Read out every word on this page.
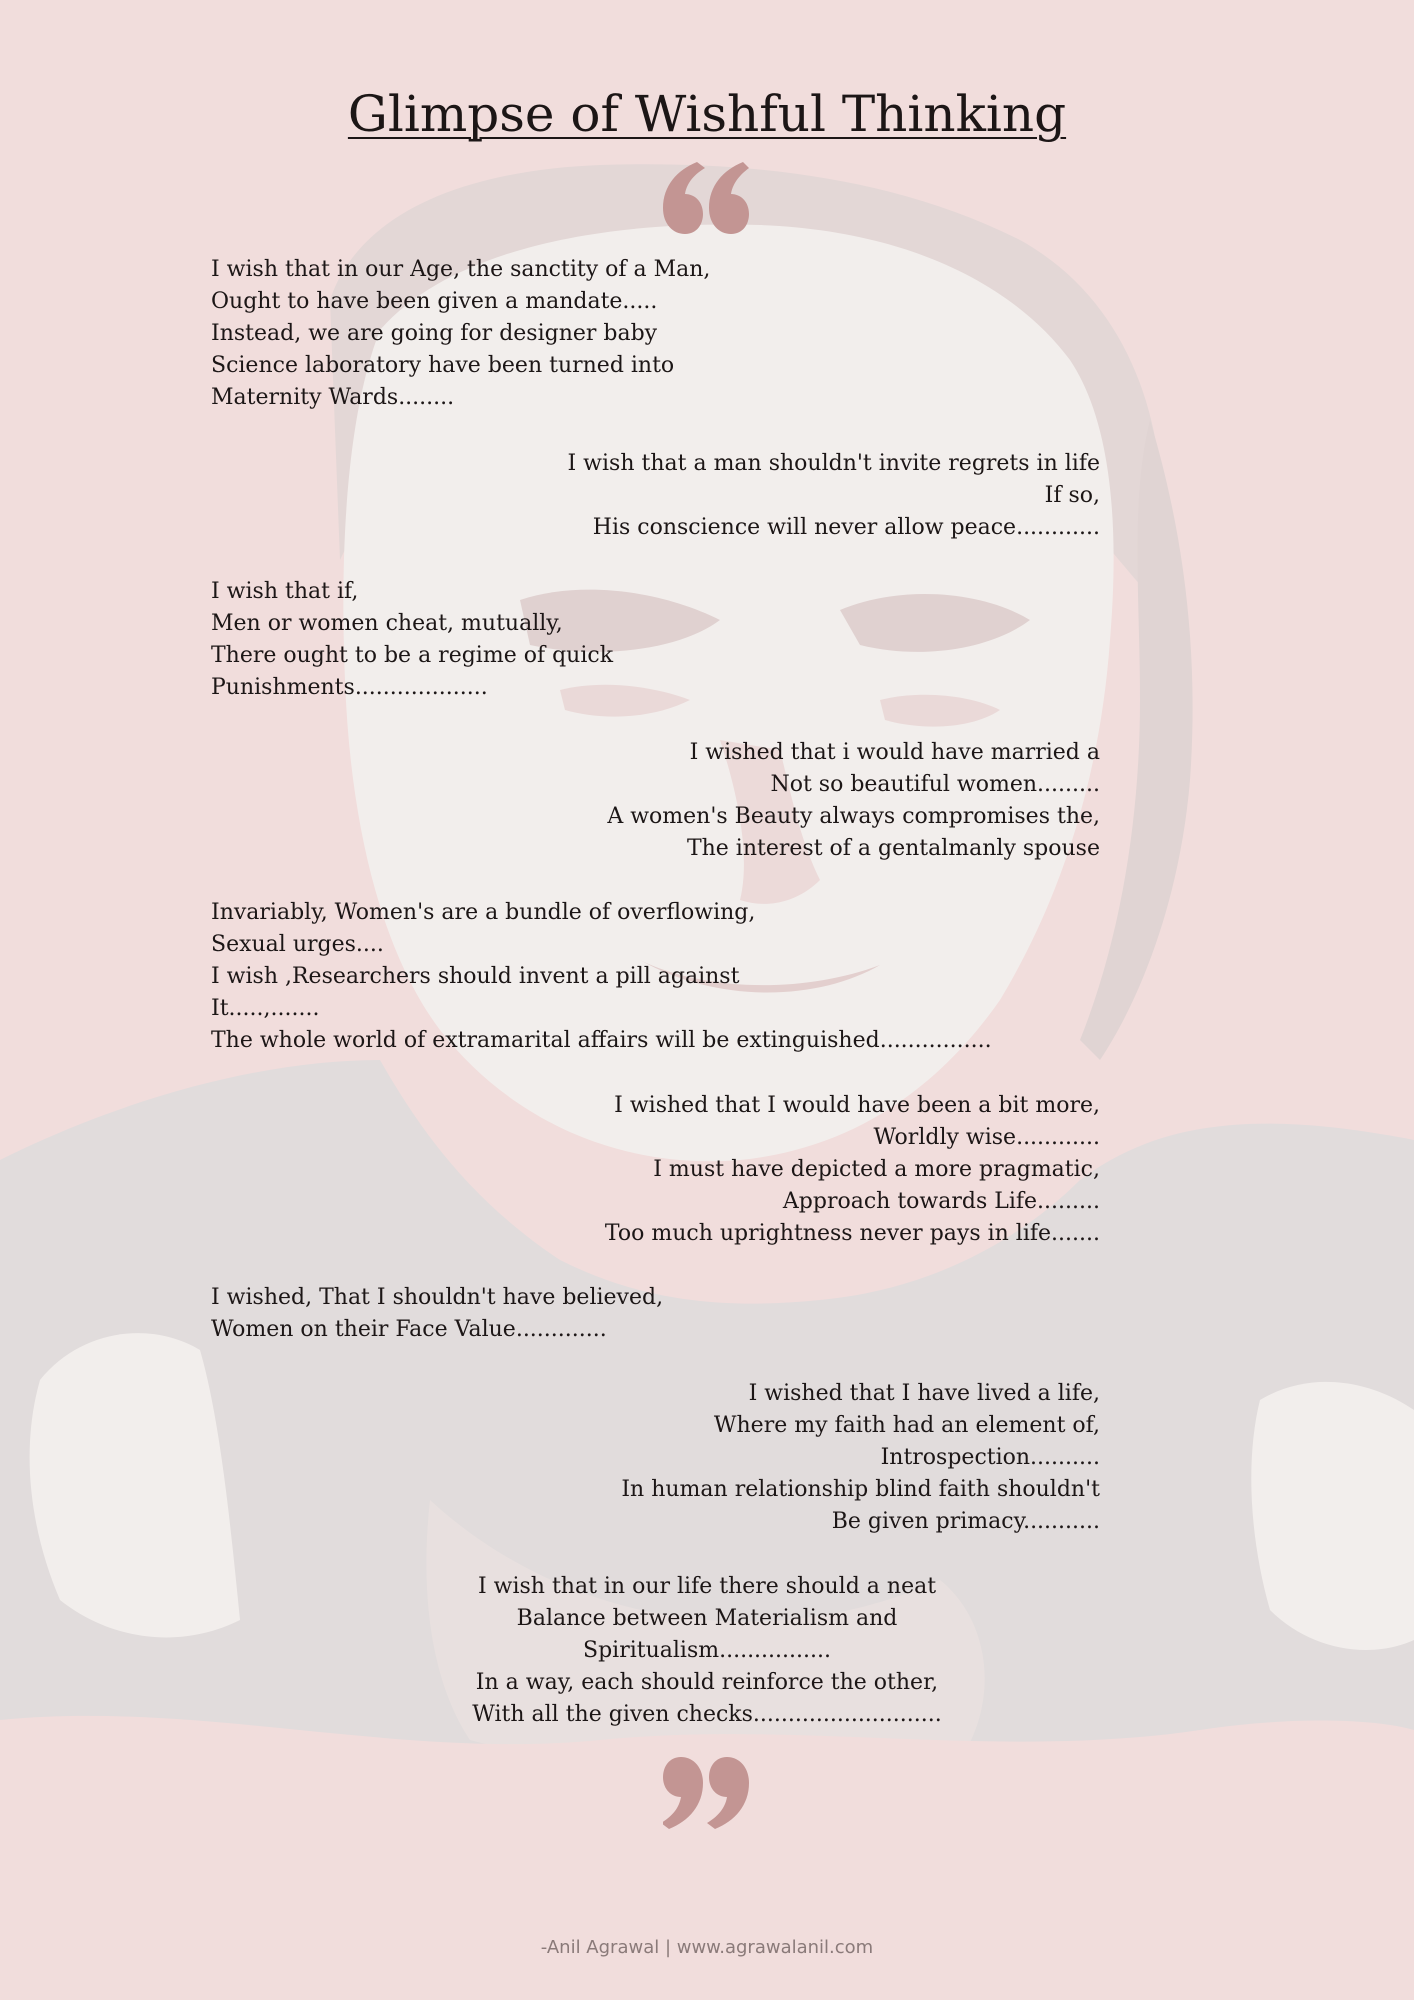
Glimpse of Wishful Thinking
I wish that in our Age, the sanctity of a Man,
Ought to have been given a mandate.....
Instead, we are going for designer baby
Science laboratory have been turned into
Maternity Wards........
I wish that a man shouldn't invite regrets in life
If so,
His conscience will never allow peace............
I wish that if,
Men or women cheat, mutually,
There ought to be a regime of quick
Punishments...................
I wished that i would have married a
Not so beautiful women.........
A women's Beauty always compromises the,
The interest of a gentalmanly spouse
Invariably, Women's are a bundle of overflowing,
Sexual urges....
I wish ,Researchers should invent a pill against
It.....,.......
The whole world of extramarital affairs will be extinguished................
I wished that I would have been a bit more,
Worldly wise............
I must have depicted a more pragmatic,
Approach towards Life.........
Too much uprightness never pays in life.......
I wished, That I shouldn't have believed,
Women on their Face Value.............
I wished that I have lived a life,
Where my faith had an element of,
Introspection..........
In human relationship blind faith shouldn't
Be given primacy...........
I wish that in our life there should a neat
Balance between Materialism and
Spiritualism................
In a way, each should reinforce the other,
With all the given checks...........................

-Anil Agrawal | www.agrawalanil.com
